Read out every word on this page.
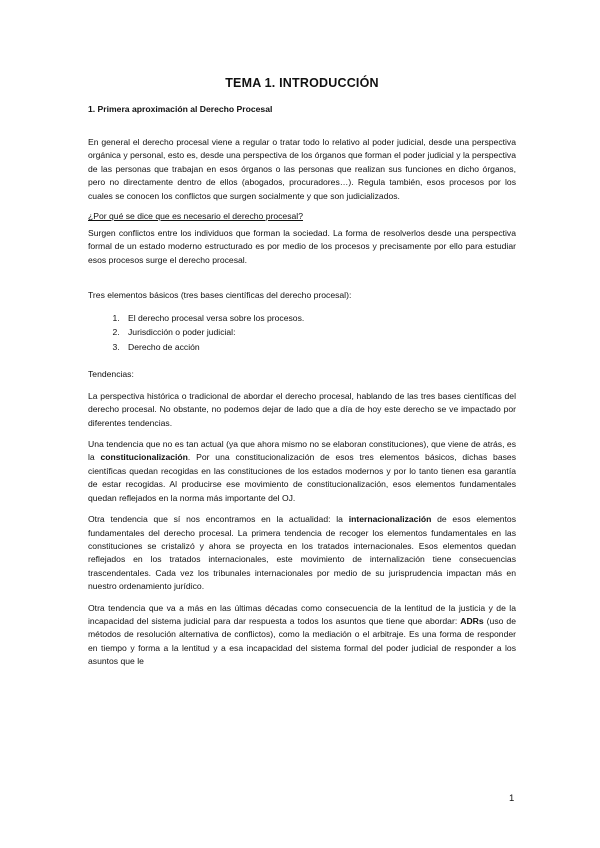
TEMA 1. INTRODUCCIÓN
1. Primera aproximación al Derecho Procesal

En general el derecho procesal viene a regular o tratar todo lo relativo al poder judicial, desde una perspectiva orgánica y personal, esto es, desde una perspectiva de los órganos que forman el poder judicial y la perspectiva de las personas que trabajan en esos órganos o las personas que realizan sus funciones en dicho órganos, pero no directamente dentro de ellos (abogados, procuradores…). Regula también, esos procesos por los cuales se conocen los conflictos que surgen socialmente y que son judicializados.

¿Por qué se dice que es necesario el derecho procesal?

Surgen conflictos entre los individuos que forman la sociedad. La forma de resolverlos desde una perspectiva formal de un estado moderno estructurado es por medio de los procesos y precisamente por ello para estudiar esos procesos surge el derecho procesal.

Tres elementos básicos (tres bases científicas del derecho procesal):

1. El derecho procesal versa sobre los procesos.
2. Jurisdicción o poder judicial:
3. Derecho de acción

Tendencias:

La perspectiva histórica o tradicional de abordar el derecho procesal, hablando de las tres bases científicas del derecho procesal. No obstante, no podemos dejar de lado que a día de hoy este derecho se ve impactado por diferentes tendencias.

Una tendencia que no es tan actual (ya que ahora mismo no se elaboran constituciones), que viene de atrás, es la constitucionalización. Por una constitucionalización de esos tres elementos básicos, dichas bases científicas quedan recogidas en las constituciones de los estados modernos y por lo tanto tienen esa garantía de estar recogidas. Al producirse ese movimiento de constitucionalización, esos elementos fundamentales quedan reflejados en la norma más importante del OJ.

Otra tendencia que sí nos encontramos en la actualidad: la internacionalización de esos elementos fundamentales del derecho procesal. La primera tendencia de recoger los elementos fundamentales en las constituciones se cristalizó y ahora se proyecta en los tratados internacionales. Esos elementos quedan reflejados en los tratados internacionales, este movimiento de internalización tiene consecuencias trascendentales. Cada vez los tribunales internacionales por medio de su jurisprudencia impactan más en nuestro ordenamiento jurídico.

Otra tendencia que va a más en las últimas décadas como consecuencia de la lentitud de la justicia y de la incapacidad del sistema judicial para dar respuesta a todos los asuntos que tiene que abordar: ADRs (uso de métodos de resolución alternativa de conflictos), como la mediación o el arbitraje. Es una forma de responder en tiempo y forma a la lentitud y a esa incapacidad del sistema formal del poder judicial de responder a los asuntos que le

1
